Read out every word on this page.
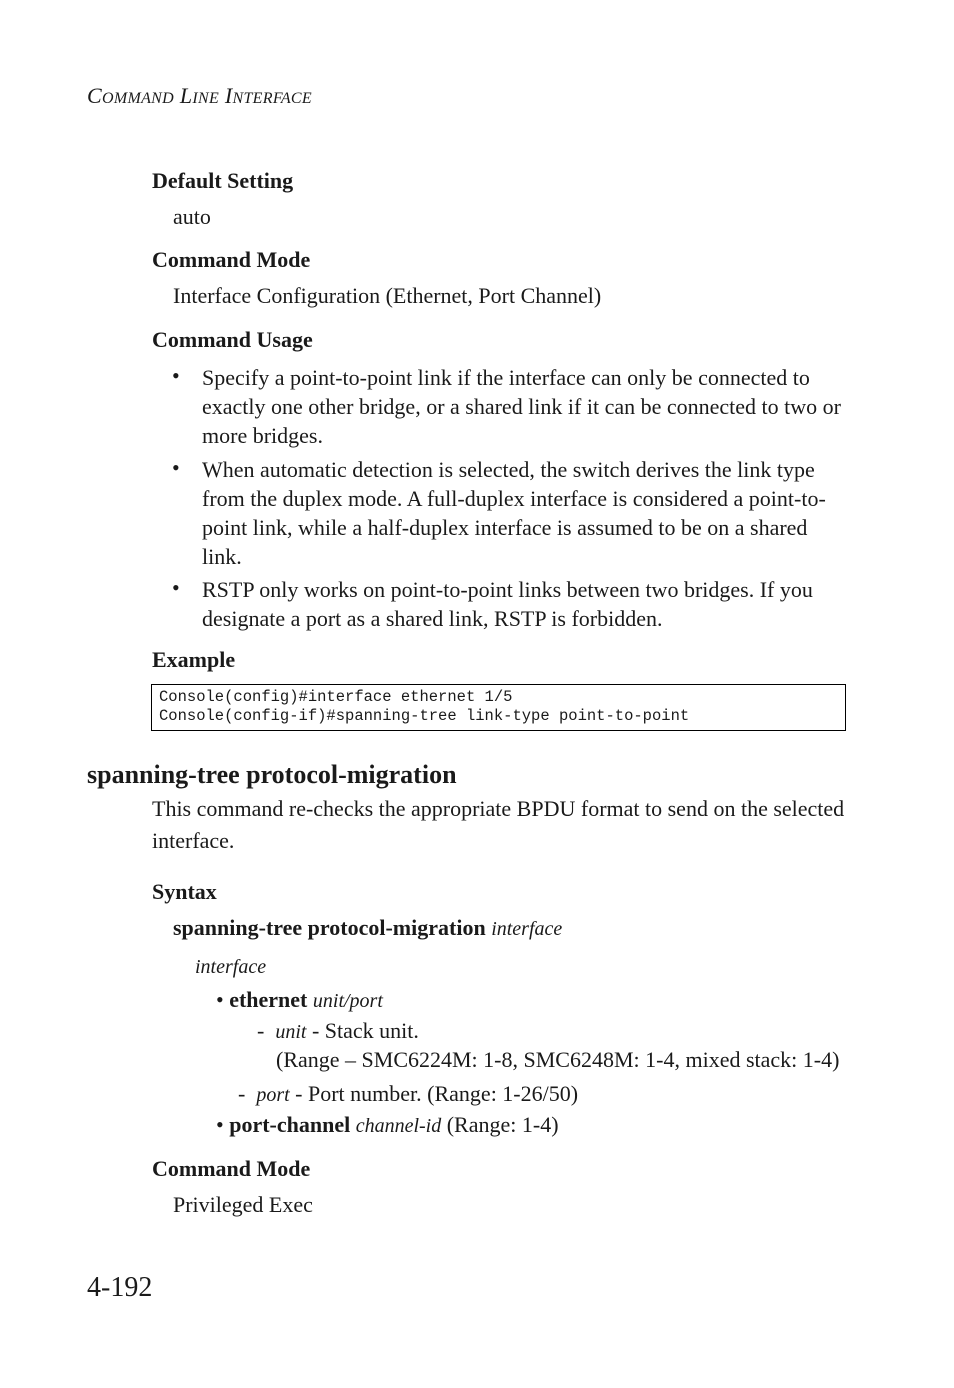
COMMAND LINE INTERFACE
Default Setting
auto
Command Mode
Interface Configuration (Ethernet, Port Channel)
Command Usage
• Specify a point-to-point link if the interface can only be connected to exactly one other bridge, or a shared link if it can be connected to two or more bridges.
• When automatic detection is selected, the switch derives the link type from the duplex mode. A full-duplex interface is considered a point-to-point link, while a half-duplex interface is assumed to be on a shared link.
• RSTP only works on point-to-point links between two bridges. If you designate a port as a shared link, RSTP is forbidden.
Example
Console(config)#interface ethernet 1/5
Console(config-if)#spanning-tree link-type point-to-point
spanning-tree protocol-migration
This command re-checks the appropriate BPDU format to send on the selected interface.
Syntax
spanning-tree protocol-migration interface
interface
• ethernet unit/port
- unit - Stack unit.
(Range – SMC6224M: 1-8, SMC6248M: 1-4, mixed stack: 1-4)
- port - Port number. (Range: 1-26/50)
• port-channel channel-id (Range: 1-4)
Command Mode
Privileged Exec
4-192
